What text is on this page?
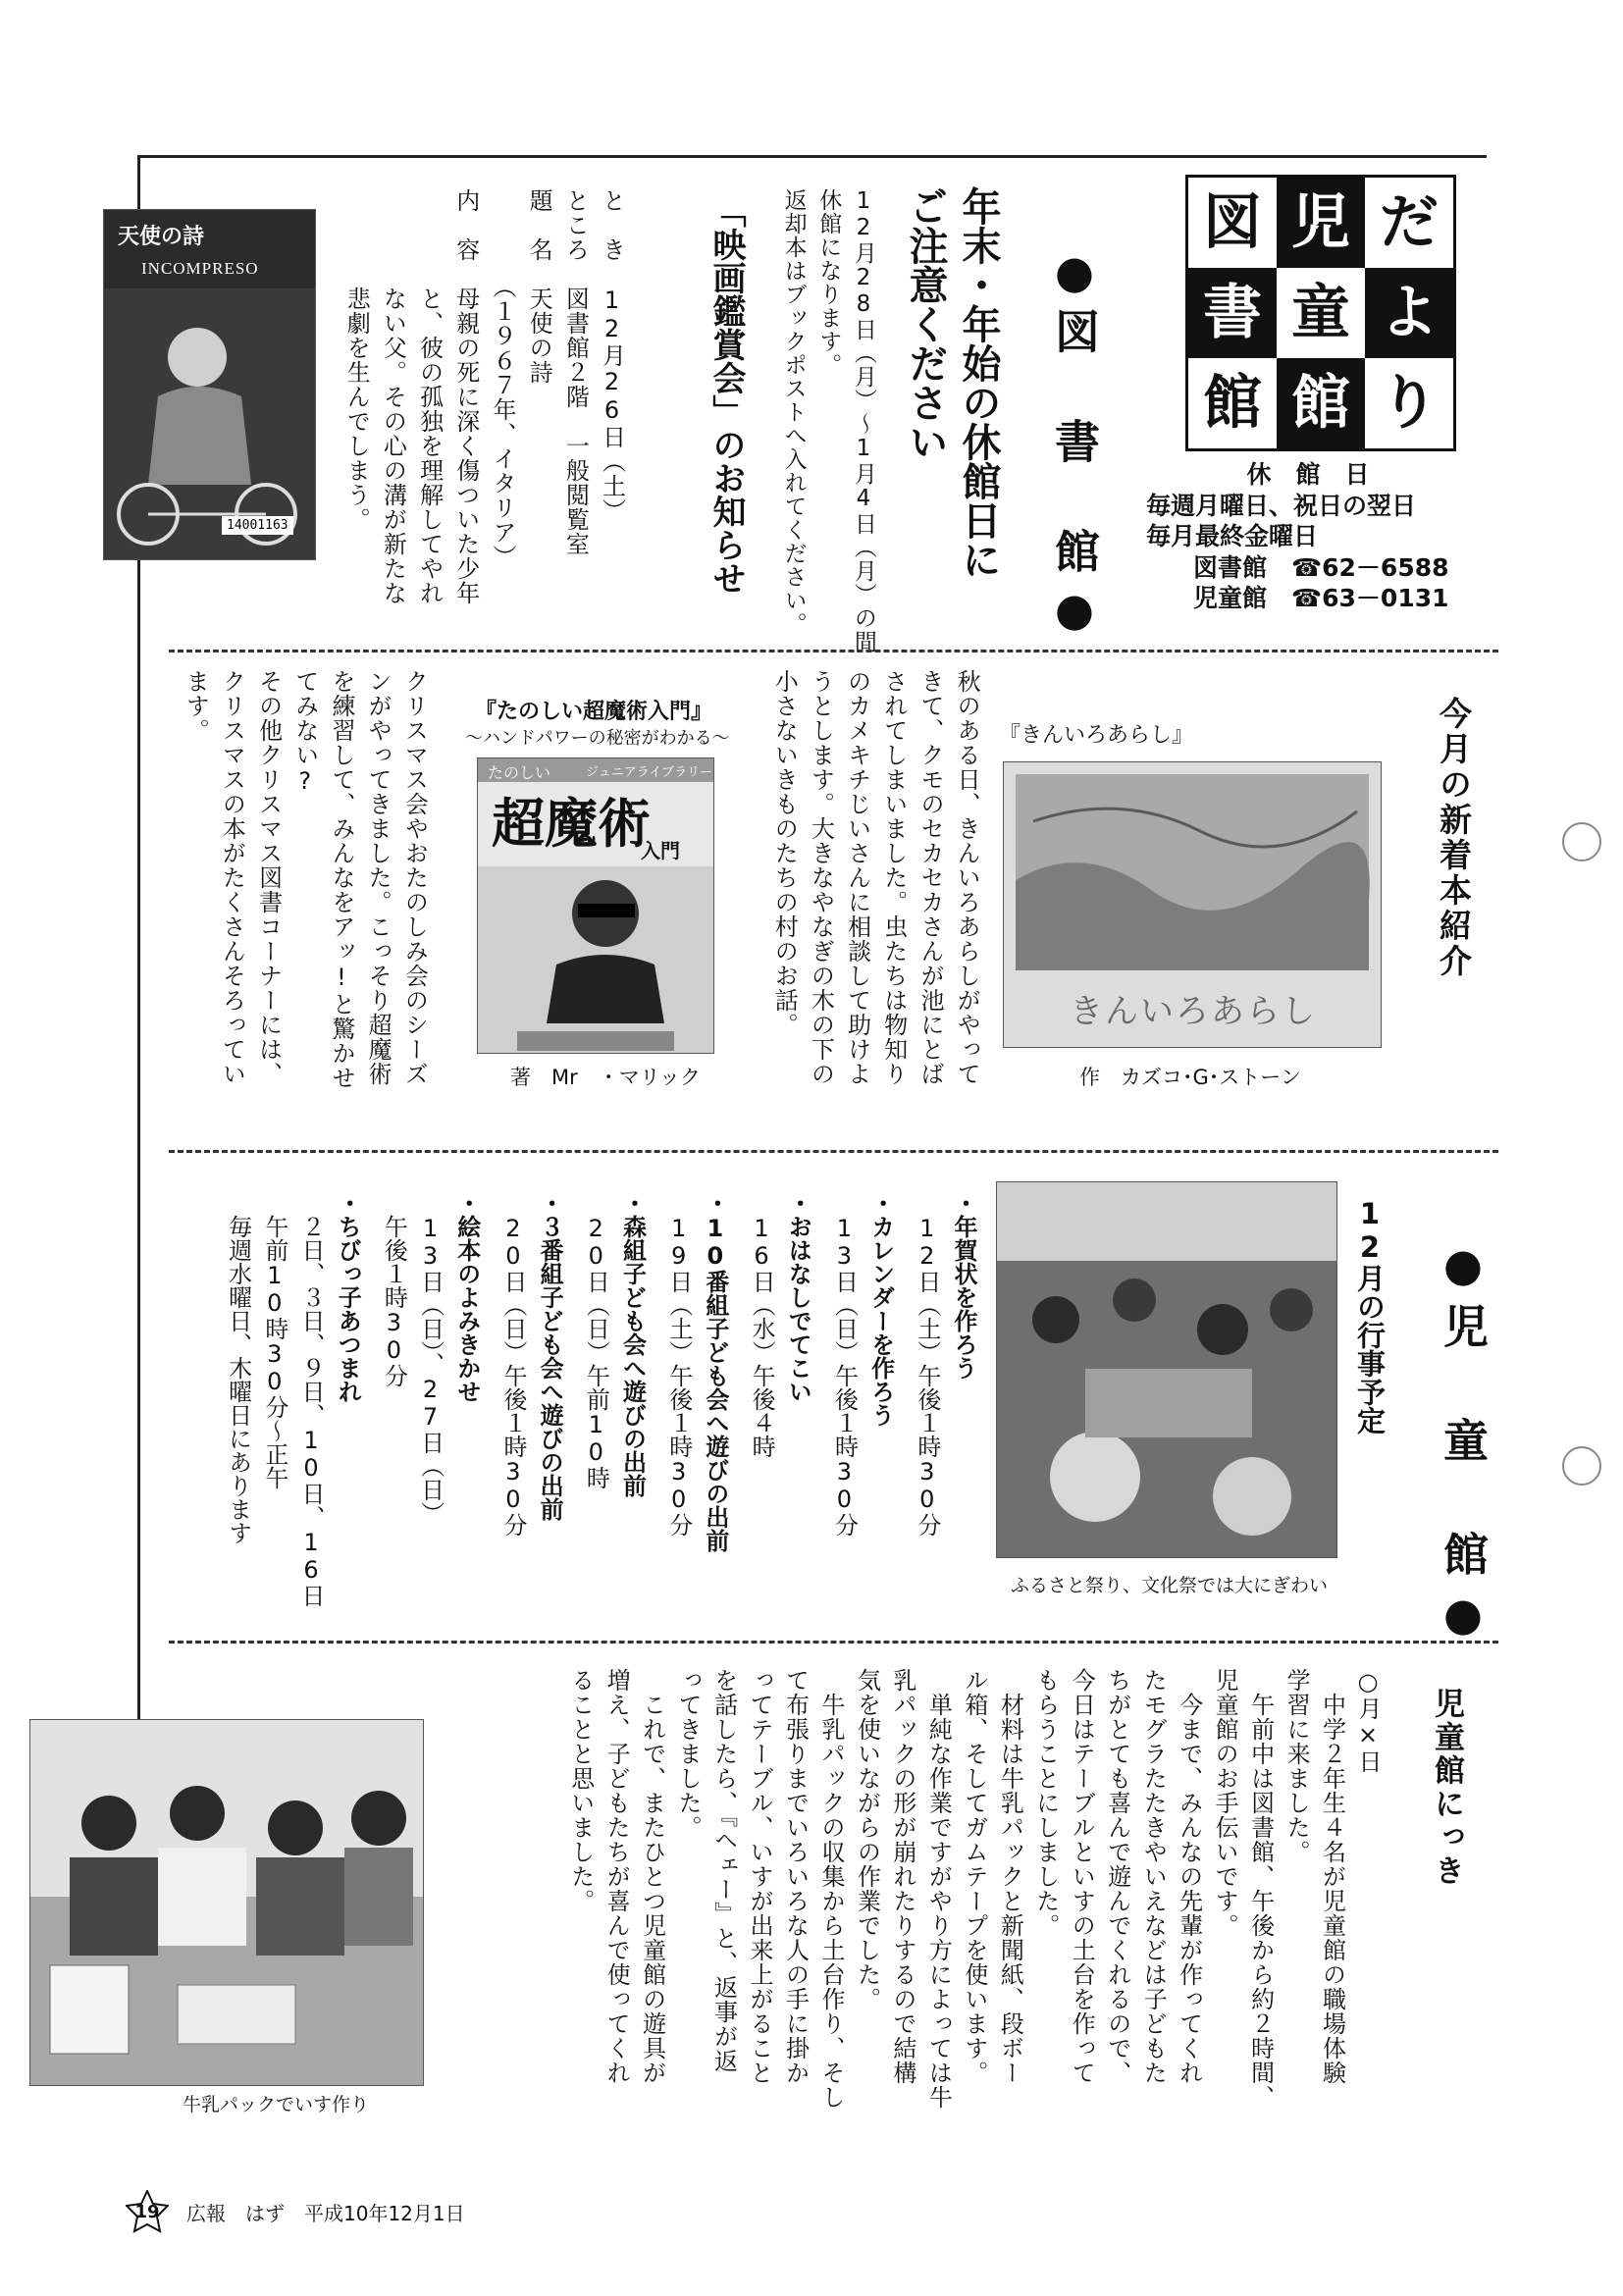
図 児 だ
書 童 よ
館 館 り
休　館　日
毎週月曜日、祝日の翌日
毎月最終金曜日
図書館　☎62－6588
児童館　☎63－0131
●図　書　館●
年末・年始の休館日に
ご注意ください
12月28日（月）～1月4日（月）の間
休館になります。
返却本はブックポストへ入れてください。
「映画鑑賞会」のお知らせ
と　き　12月26日（土）
ところ　図書館２階　一般閲覧室
題　名　天使の詩
　　　　（１９６７年、イタリア）
内　容　母親の死に深く傷ついた少年
　　　　と、彼の孤独を理解してやれ
　　　　ない父。その心の溝が新たな
　　　　悲劇を生んでしまう。
天使の詩
INCOMPRESO
14001163
今月の新着本紹介
『きんいろあらし』
きんいろあらし
作　カズコ･G･ストーン
秋のある日、きんいろあらしがやって
きて、クモのセカセカさんが池にとば
されてしまいました。虫たちは物知り
のカメキチじいさんに相談して助けよ
うとします。大きなやなぎの木の下の
小さないきものたちの村のお話。
『たのしい超魔術入門』
～ハンドパワーの秘密がわかる～
たのしい	ジュニアライブラリー
超魔術
入門
著　Mr　・マリック
クリスマス会やおたのしみ会のシーズ
ンがやってきました。こっそり超魔術
を練習して、みんなをアッ!と驚かせ
てみない?
その他クリスマス図書コーナーには、
クリスマスの本がたくさんそろってい
ます。
●児　童　館●
12月の行事予定
ふるさと祭り、文化祭では大にぎわい

・年賀状を作ろう

　12日（土）午後１時30分

・カレンダーを作ろう

　13日（日）午後１時30分

・おはなしでてこい

　16日（水）午後４時

・10番組子ども会へ遊びの出前

　19日（土）午後１時30分

・森組子ども会へ遊びの出前

　20日（日）午前10時

・３番組子ども会へ遊びの出前

　20日（日）午後１時30分

・絵本のよみきかせ

　13日（日）、27日（日）
　午後１時30分

・ちびっ子あつまれ

　２日、３日、９日、10日、16日
　午前10時30分～正午
　毎週水曜日、木曜日にあります

児童館にっき
○月×日
　中学２年生４名が児童館の職場体験
学習に来ました。
　午前中は図書館、午後から約２時間、
児童館のお手伝いです。
　今まで、みんなの先輩が作ってくれ
たモグラたたきやいえなどは子どもた
ちがとても喜んで遊んでくれるので、
今日はテーブルといすの土台を作って
もらうことにしました。
　材料は牛乳パックと新聞紙、段ボー
ル箱、そしてガムテープを使います。
　単純な作業ですがやり方によっては牛
乳パックの形が崩れたりするので結構
気を使いながらの作業でした。
　牛乳パックの収集から土台作り、そし
て布張りまでいろいろな人の手に掛か
ってテーブル、いすが出来上がること
を話したら、『ヘェー』と、返事が返
ってきました。
　これで、またひとつ児童館の遊具が
増え、子どもたちが喜んで使ってくれ
ることと思いました。
牛乳パックでいす作り
19 広報　はず　平成10年12月1日
